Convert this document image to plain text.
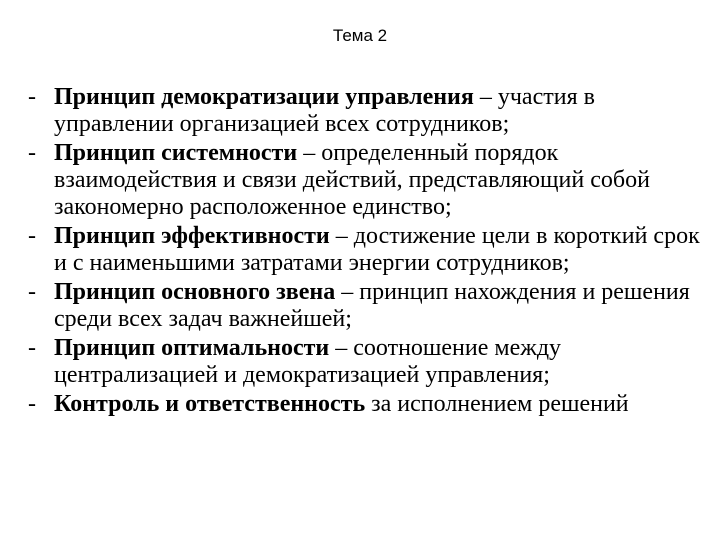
Тема 2
- Принцип демократизации управления – участия в управлении организацией всех сотрудников;
- Принцип системности – определенный порядок взаимодействия и связи действий, представляющий собой закономерно расположенное единство;
- Принцип эффективности – достижение цели в короткий срок и с наименьшими затратами энергии сотрудников;
- Принцип основного звена – принцип нахождения и решения среди всех задач важнейшей;
- Принцип оптимальности – соотношение между централизацией и демократизацией управления;
- Контроль и ответственность за исполнением решений
